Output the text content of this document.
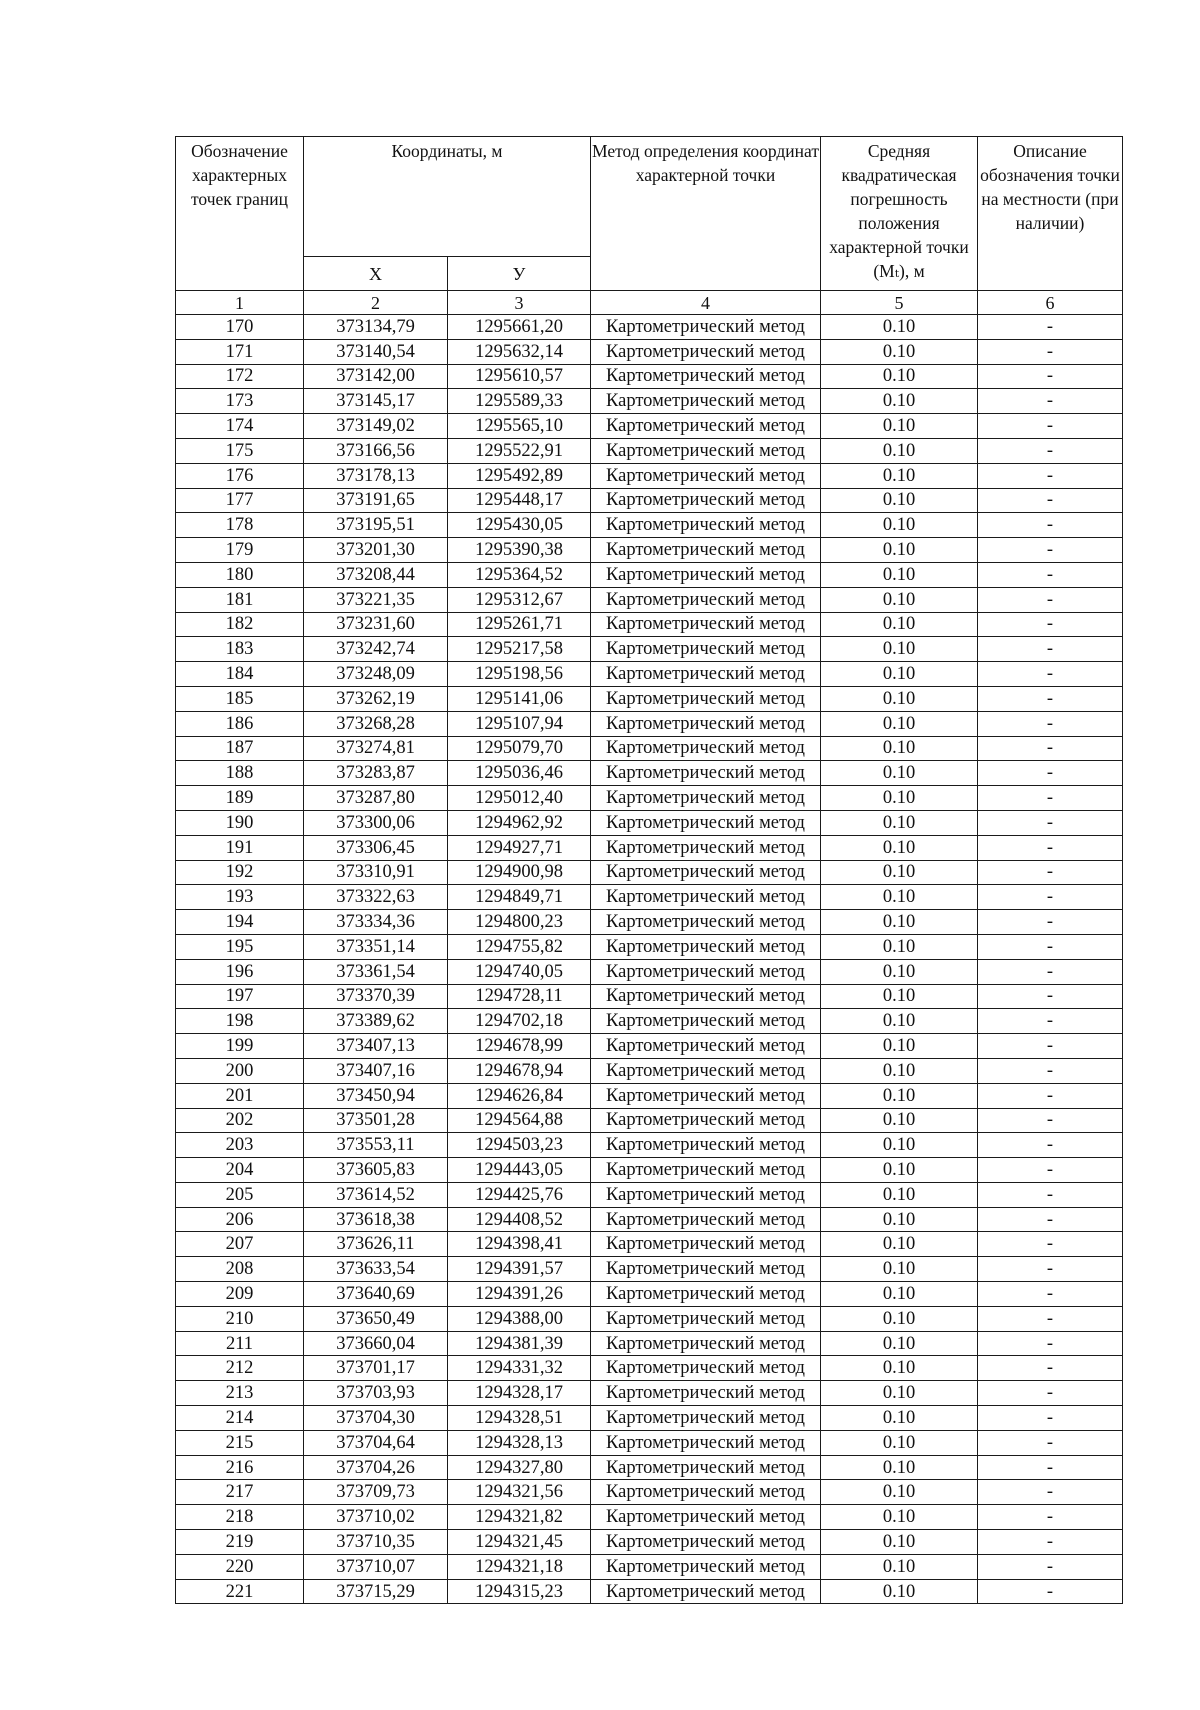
Обозначение характерных точек границ	Координаты, м		Метод определения координат характерной точки	Средняя квадратическая погрешность положения характерной точки (Mₜ), м	Описание обозначения точки на местности (при наличии)
	X	У			
1	2	3	4	5	6
170	373134,79	1295661,20	Картометрический метод	0.10	-
171	373140,54	1295632,14	Картометрический метод	0.10	-
172	373142,00	1295610,57	Картометрический метод	0.10	-
173	373145,17	1295589,33	Картометрический метод	0.10	-
174	373149,02	1295565,10	Картометрический метод	0.10	-
175	373166,56	1295522,91	Картометрический метод	0.10	-
176	373178,13	1295492,89	Картометрический метод	0.10	-
177	373191,65	1295448,17	Картометрический метод	0.10	-
178	373195,51	1295430,05	Картометрический метод	0.10	-
179	373201,30	1295390,38	Картометрический метод	0.10	-
180	373208,44	1295364,52	Картометрический метод	0.10	-
181	373221,35	1295312,67	Картометрический метод	0.10	-
182	373231,60	1295261,71	Картометрический метод	0.10	-
183	373242,74	1295217,58	Картометрический метод	0.10	-
184	373248,09	1295198,56	Картометрический метод	0.10	-
185	373262,19	1295141,06	Картометрический метод	0.10	-
186	373268,28	1295107,94	Картометрический метод	0.10	-
187	373274,81	1295079,70	Картометрический метод	0.10	-
188	373283,87	1295036,46	Картометрический метод	0.10	-
189	373287,80	1295012,40	Картометрический метод	0.10	-
190	373300,06	1294962,92	Картометрический метод	0.10	-
191	373306,45	1294927,71	Картометрический метод	0.10	-
192	373310,91	1294900,98	Картометрический метод	0.10	-
193	373322,63	1294849,71	Картометрический метод	0.10	-
194	373334,36	1294800,23	Картометрический метод	0.10	-
195	373351,14	1294755,82	Картометрический метод	0.10	-
196	373361,54	1294740,05	Картометрический метод	0.10	-
197	373370,39	1294728,11	Картометрический метод	0.10	-
198	373389,62	1294702,18	Картометрический метод	0.10	-
199	373407,13	1294678,99	Картометрический метод	0.10	-
200	373407,16	1294678,94	Картометрический метод	0.10	-
201	373450,94	1294626,84	Картометрический метод	0.10	-
202	373501,28	1294564,88	Картометрический метод	0.10	-
203	373553,11	1294503,23	Картометрический метод	0.10	-
204	373605,83	1294443,05	Картометрический метод	0.10	-
205	373614,52	1294425,76	Картометрический метод	0.10	-
206	373618,38	1294408,52	Картометрический метод	0.10	-
207	373626,11	1294398,41	Картометрический метод	0.10	-
208	373633,54	1294391,57	Картометрический метод	0.10	-
209	373640,69	1294391,26	Картометрический метод	0.10	-
210	373650,49	1294388,00	Картометрический метод	0.10	-
211	373660,04	1294381,39	Картометрический метод	0.10	-
212	373701,17	1294331,32	Картометрический метод	0.10	-
213	373703,93	1294328,17	Картометрический метод	0.10	-
214	373704,30	1294328,51	Картометрический метод	0.10	-
215	373704,64	1294328,13	Картометрический метод	0.10	-
216	373704,26	1294327,80	Картометрический метод	0.10	-
217	373709,73	1294321,56	Картометрический метод	0.10	-
218	373710,02	1294321,82	Картометрический метод	0.10	-
219	373710,35	1294321,45	Картометрический метод	0.10	-
220	373710,07	1294321,18	Картометрический метод	0.10	-
221	373715,29	1294315,23	Картометрический метод	0.10	-
